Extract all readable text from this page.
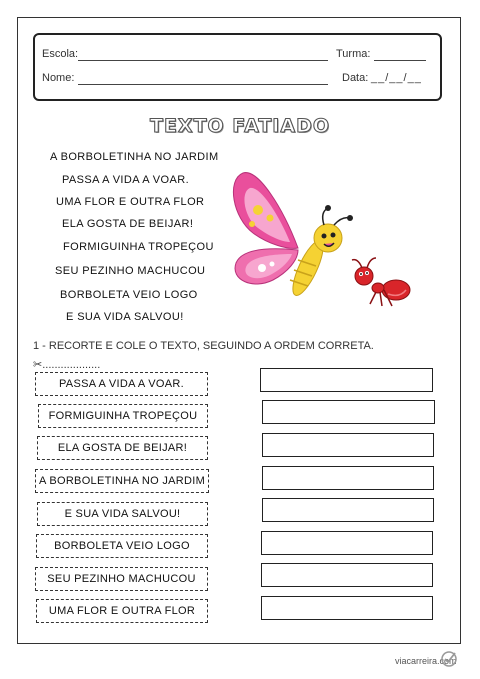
Escola:	Turma:
Nome:	Data: __/__/__
TEXTO FATIADO
A BORBOLETINHA NO JARDIM
PASSA A VIDA A VOAR.
UMA FLOR E OUTRA FLOR
ELA GOSTA DE BEIJAR!
FORMIGUINHA TROPEÇOU
SEU PEZINHO MACHUCOU
BORBOLETA VEIO LOGO
E SUA VIDA SALVOU!
1 - RECORTE E COLE O TEXTO, SEGUINDO A ORDEM CORRETA.
✂...................
PASSA A VIDA A VOAR.
FORMIGUINHA TROPEÇOU
ELA GOSTA DE BEIJAR!
A BORBOLETINHA NO JARDIM
E SUA VIDA SALVOU!
BORBOLETA VEIO LOGO
SEU PEZINHO MACHUCOU
UMA FLOR E OUTRA FLOR
viacarreira.com
